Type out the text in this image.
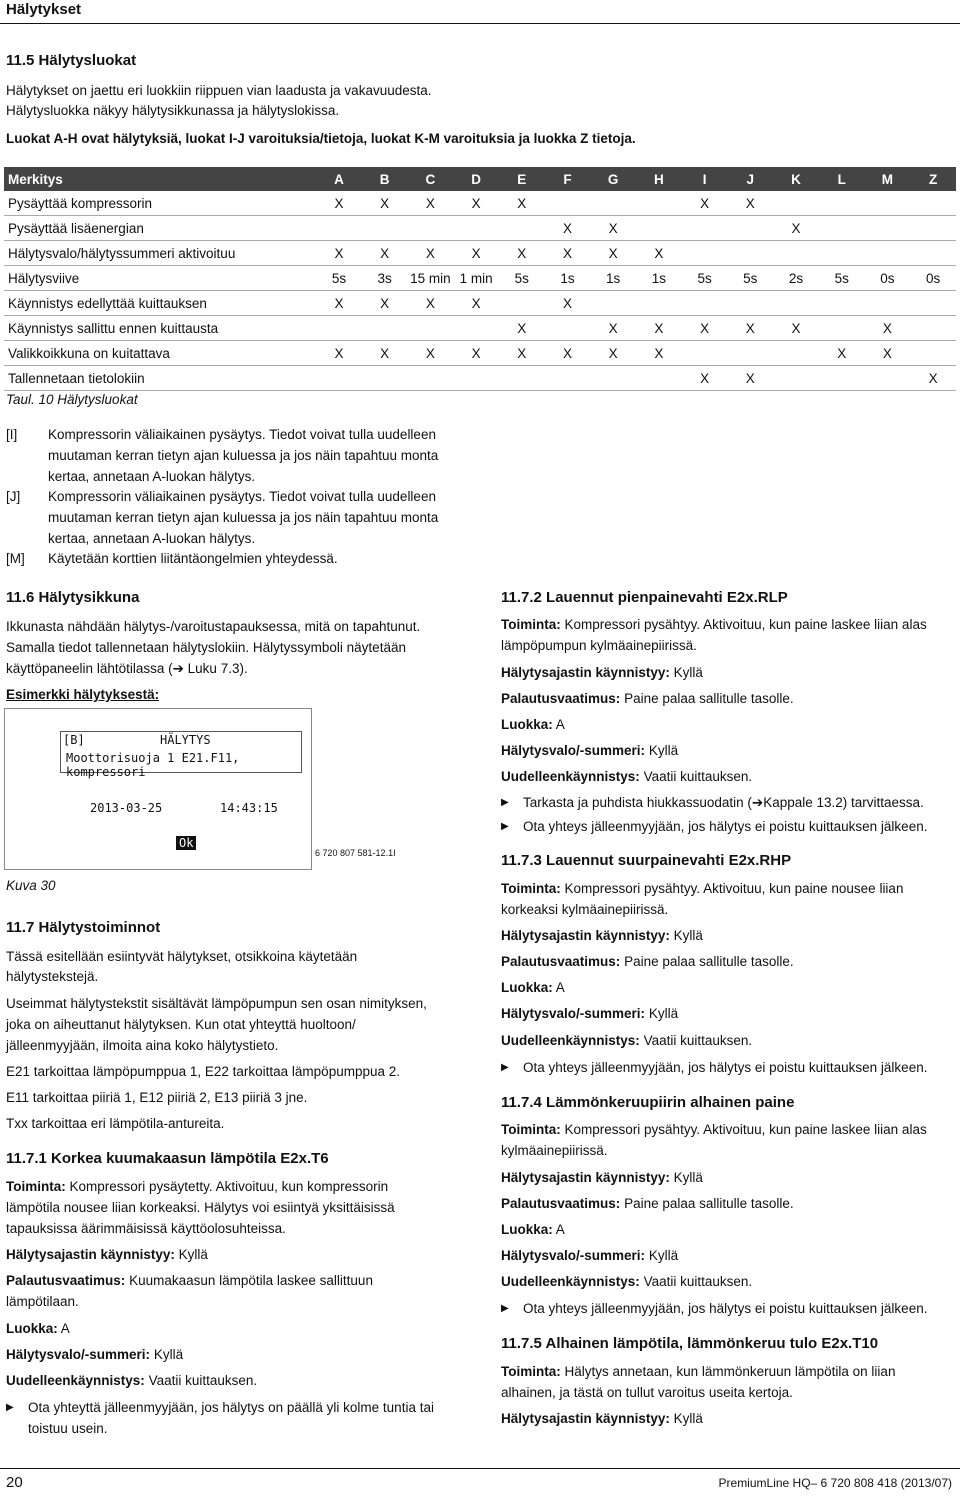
Hälytykset
11.5 Hälytysluokat
Hälytykset on jaettu eri luokkiin riippuen vian laadusta ja vakavuudesta.
Hälytysluokka näkyy hälytysikkunassa ja hälytyslokissa.
Luokat A-H ovat hälytyksiä, luokat I-J varoituksia/tietoja, luokat K-M varoituksia ja luokka Z tietoja.
Merkitys	A	B	C	D	E	F	G	H	I	J	K	L	M	Z
Pysäyttää kompressorin	X	X	X	X	X				X	X				
Pysäyttää lisäenergian						X	X				X			
Hälytysvalo/hälytyssummeri aktivoituu	X	X	X	X	X	X	X	X						
Hälytysviive	5s	3s	15 min	1 min	5s	1s	1s	1s	5s	5s	2s	5s	0s	0s
Käynnistys edellyttää kuittauksen	X	X	X	X		X								
Käynnistys sallittu ennen kuittausta					X		X	X	X	X	X		X	
Valikkoikkuna on kuitattava	X	X	X	X	X	X	X	X				X	X	
Tallennetaan tietolokiin									X	X				X
Taul. 10 Hälytysluokat
[I] Kompressorin väliaikainen pysäytys. Tiedot voivat tulla uudelleen
muutaman kerran tietyn ajan kuluessa ja jos näin tapahtuu monta
kertaa, annetaan A-luokan hälytys.
[J] Kompressorin väliaikainen pysäytys. Tiedot voivat tulla uudelleen
muutaman kerran tietyn ajan kuluessa ja jos näin tapahtuu monta
kertaa, annetaan A-luokan hälytys.
[M] Käytetään korttien liitäntäongelmien yhteydessä.
11.6 Hälytysikkuna
Ikkunasta nähdään hälytys-/varoitustapauksessa, mitä on tapahtunut.
Samalla tiedot tallennetaan hälytyslokiin. Hälytyssymboli näytetään
käyttöpaneelin lähtötilassa (➔ Luku 7.3).
Esimerkki hälytyksestä:
[B]	HÄLYTYS
Moottorisuoja 1 E21.F11, kompressori
2013-03-25	14:43:15
Ok
6 720 807 581-12.1I
Kuva 30
11.7 Hälytystoiminnot
Tässä esitellään esiintyvät hälytykset, otsikkoina käytetään
hälytystekstejä.
Useimmat hälytystekstit sisältävät lämpöpumpun sen osan nimityksen,
joka on aiheuttanut hälytyksen. Kun otat yhteyttä huoltoon/
jälleenmyyjään, ilmoita aina koko hälytystieto.
E21 tarkoittaa lämpöpumppua 1, E22 tarkoittaa lämpöpumppua 2.
E11 tarkoittaa piiriä 1, E12 piiriä 2, E13 piiriä 3 jne.
Txx tarkoittaa eri lämpötila-antureita.
11.7.1 Korkea kuumakaasun lämpötila E2x.T6
Toiminta: Kompressori pysäytetty. Aktivoituu, kun kompressorin
lämpötila nousee liian korkeaksi. Hälytys voi esiintyä yksittäisissä
tapauksissa äärimmäisissä käyttöolosuhteissa.
Hälytysajastin käynnistyy: Kyllä
Palautusvaatimus: Kuumakaasun lämpötila laskee sallittuun
lämpötilaan.
Luokka: A
Hälytysvalo/-summeri: Kyllä
Uudelleenkäynnistys: Vaatii kuittauksen.
▶ Ota yhteyttä jälleenmyyjään, jos hälytys on päällä yli kolme tuntia tai
toistuu usein.
11.7.2 Lauennut pienpainevahti E2x.RLP
Toiminta: Kompressori pysähtyy. Aktivoituu, kun paine laskee liian alas
lämpöpumpun kylmäainepiirissä.
Hälytysajastin käynnistyy: Kyllä
Palautusvaatimus: Paine palaa sallitulle tasolle.
Luokka: A
Hälytysvalo/-summeri: Kyllä
Uudelleenkäynnistys: Vaatii kuittauksen.
▶ Tarkasta ja puhdista hiukkassuodatin (➔Kappale 13.2) tarvittaessa.
▶ Ota yhteys jälleenmyyjään, jos hälytys ei poistu kuittauksen jälkeen.
11.7.3 Lauennut suurpainevahti E2x.RHP
Toiminta: Kompressori pysähtyy. Aktivoituu, kun paine nousee liian
korkeaksi kylmäainepiirissä.
Hälytysajastin käynnistyy: Kyllä
Palautusvaatimus: Paine palaa sallitulle tasolle.
Luokka: A
Hälytysvalo/-summeri: Kyllä
Uudelleenkäynnistys: Vaatii kuittauksen.
▶ Ota yhteys jälleenmyyjään, jos hälytys ei poistu kuittauksen jälkeen.
11.7.4 Lämmönkeruupiirin alhainen paine
Toiminta: Kompressori pysähtyy. Aktivoituu, kun paine laskee liian alas
kylmäainepiirissä.
Hälytysajastin käynnistyy: Kyllä
Palautusvaatimus: Paine palaa sallitulle tasolle.
Luokka: A
Hälytysvalo/-summeri: Kyllä
Uudelleenkäynnistys: Vaatii kuittauksen.
▶ Ota yhteys jälleenmyyjään, jos hälytys ei poistu kuittauksen jälkeen.
11.7.5 Alhainen lämpötila, lämmönkeruu tulo E2x.T10
Toiminta: Hälytys annetaan, kun lämmönkeruun lämpötila on liian
alhainen, ja tästä on tullut varoitus useita kertoja.
Hälytysajastin käynnistyy: Kyllä
20	PremiumLine HQ– 6 720 808 418 (2013/07)
